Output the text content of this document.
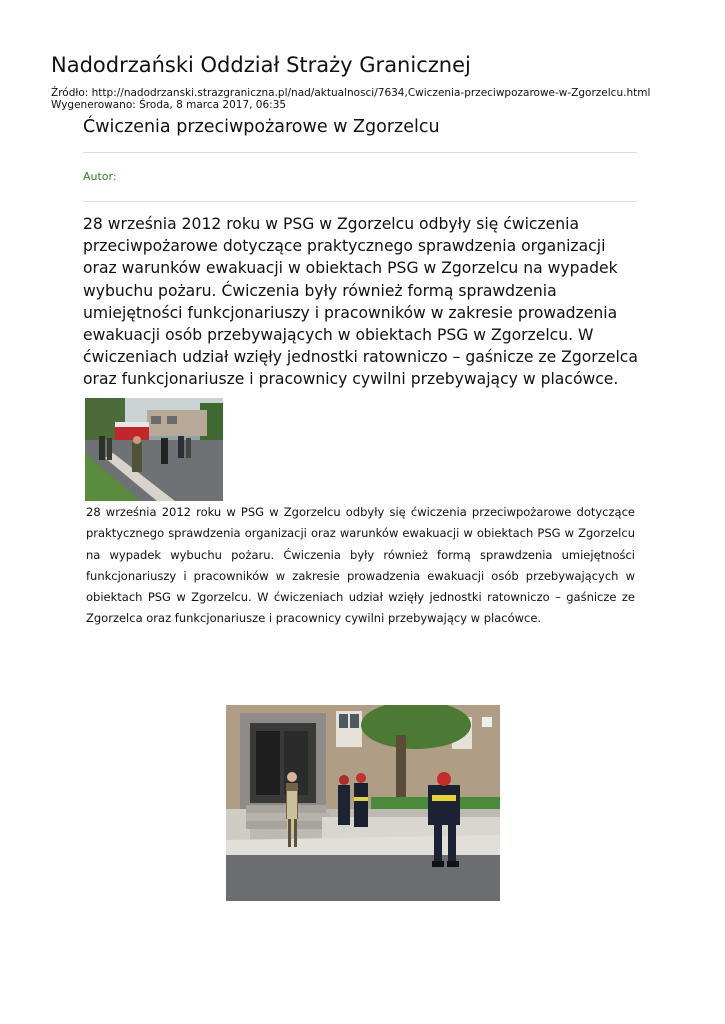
Nadodrzański Oddział Straży Granicznej
Źródło: http://nadodrzanski.strazgraniczna.pl/nad/aktualnosci/7634,Cwiczenia-przeciwpozarowe-w-Zgorzelcu.html
Wygenerowano: Środa, 8 marca 2017, 06:35
Ćwiczenia przeciwpożarowe w Zgorzelcu
Autor:

28 września 2012 roku w PSG w Zgorzelcu odbyły się ćwiczenia przeciwpożarowe dotyczące praktycznego sprawdzenia organizacji oraz warunków ewakuacji w obiektach PSG w Zgorzelcu na wypadek wybuchu pożaru. Ćwiczenia były również formą sprawdzenia umiejętności funkcjonariuszy i pracowników w zakresie prowadzenia ewakuacji osób przebywających w obiektach PSG w Zgorzelcu. W ćwiczeniach udział wzięły jednostki ratowniczo – gaśnicze ze Zgorzelca oraz funkcjonariusze i pracownicy cywilni przebywający w placówce.

28 września 2012 roku w PSG w Zgorzelcu odbyły się ćwiczenia przeciwpożarowe dotyczące praktycznego sprawdzenia organizacji oraz warunków ewakuacji w obiektach PSG w Zgorzelcu na wypadek wybuchu pożaru. Ćwiczenia były również formą sprawdzenia umiejętności funkcjonariuszy i pracowników w zakresie prowadzenia ewakuacji osób przebywających w obiektach PSG w Zgorzelcu. W ćwiczeniach udział wzięły jednostki ratowniczo – gaśnicze ze Zgorzelca oraz funkcjonariusze i pracownicy cywilni przebywający w placówce.
